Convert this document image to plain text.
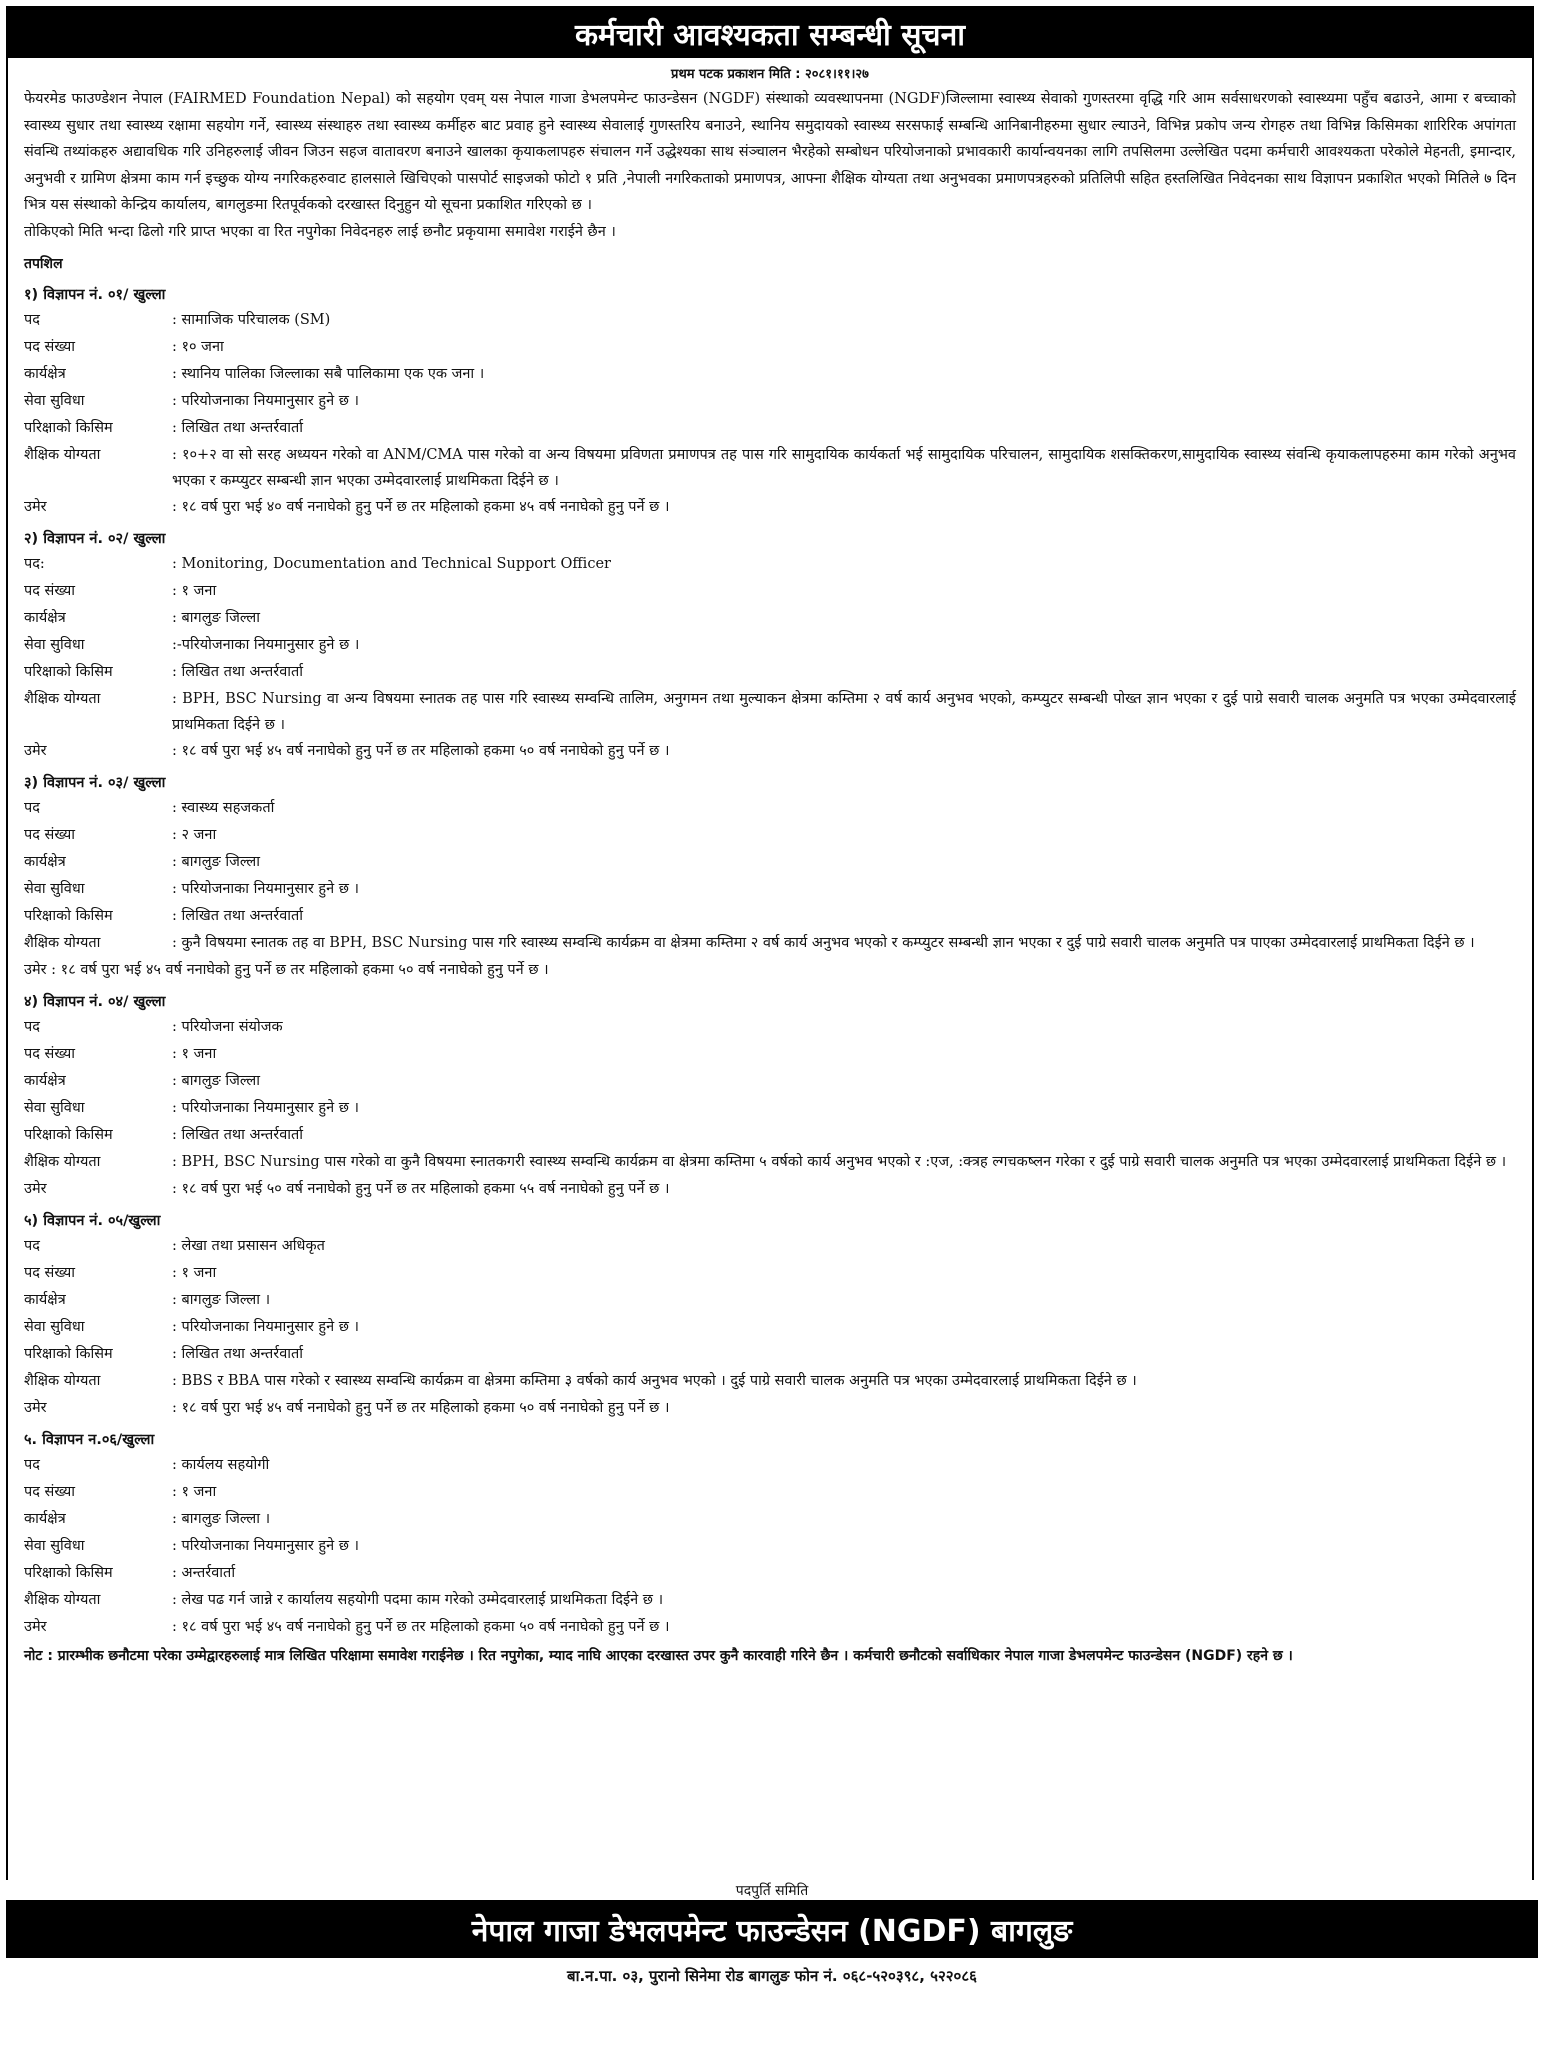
कर्मचारी आवश्यकता सम्बन्धी सूचना
प्रथम पटक प्रकाशन मिति : २०८१।११।२७

फेयरमेड फाउण्डेशन नेपाल (FAIRMED Foundation Nepal) को सहयोग एवम् यस नेपाल गाजा डेभलपमेन्ट फाउन्डेसन (NGDF) संस्थाको व्यवस्थापनमा (NGDF)जिल्लामा स्वास्थ्य सेवाको गुणस्तरमा वृद्धि गरि आम सर्वसाधरणको स्वास्थ्यमा पहुँच बढाउने, आमा र बच्चाको स्वास्थ्य सुधार तथा स्वास्थ्य रक्षामा सहयोग गर्ने, स्वास्थ्य संस्थाहरु तथा स्वास्थ्य कर्मीहरु बाट प्रवाह हुने स्वास्थ्य सेवालाई गुणस्तरिय बनाउने, स्थानिय समुदायको स्वास्थ्य सरसफाई सम्बन्धि आनिबानीहरुमा सुधार ल्याउने, विभिन्न प्रकोप जन्य रोगहरु तथा विभिन्न किसिमका शारिरिक अपांगता संवन्धि तथ्यांकहरु अद्यावधिक गरि उनिहरुलाई जीवन जिउन सहज वातावरण बनाउने खालका कृयाकलापहरु संचालन गर्ने उद्धेश्यका साथ संञ्चालन भैरहेको सम्बोधन परियोजनाको प्रभावकारी कार्यान्वयनका लागि तपसिलमा उल्लेखित पदमा कर्मचारी आवश्यकता परेकोले मेहनती, इमान्दार, अनुभवी र ग्रामिण क्षेत्रमा काम गर्न इच्छुक योग्य नगरिकहरुवाट हालसाले खिचिएको पासपोर्ट साइजको फोटो १ प्रति ,नेपाली नगरिकताको प्रमाणपत्र, आफ्ना शैक्षिक योग्यता तथा अनुभवका प्रमाणपत्रहरुको प्रतिलिपी सहित हस्तलिखित निवेदनका साथ विज्ञापन प्रकाशित भएको मितिले ७ दिन भित्र यस संस्थाको केन्द्रिय कार्यालय, बागलुङमा रितपूर्वकको दरखास्त दिनुहुन यो सूचना प्रकाशित गरिएको छ ।

तोकिएको मिति भन्दा ढिलो गरि प्राप्त भएका वा रित नपुगेका निवेदनहरु लाई छनौट प्रकृयामा समावेश गराईने छैन ।

तपशिल
१) विज्ञापन नं. ०१/ खुल्ला
पद	: सामाजिक परिचालक (SM)
पद संख्या	: १० जना
कार्यक्षेत्र	: स्थानिय पालिका जिल्लाका सबै पालिकामा एक एक जना ।
सेवा सुविधा	: परियोजनाका नियमानुसार हुने छ ।
परिक्षाको किसिम	: लिखित तथा अन्तर्रवार्ता
शैक्षिक योग्यता	: १०+२ वा सो सरह अध्ययन गरेको वा ANM/CMA पास गरेको वा अन्य विषयमा प्रविणता प्रमाणपत्र तह पास गरि सामुदायिक कार्यकर्ता भई सामुदायिक परिचालन, सामुदायिक शसक्तिकरण,सामुदायिक स्वास्थ्य संवन्धि कृयाकलापहरुमा काम गरेको अनुभव भएका र कम्प्युटर सम्बन्धी ज्ञान भएका उम्मेदवारलाई प्राथमिकता दिईने छ ।
उमेर	: १८ वर्ष पुरा भई ४० वर्ष ननाघेको हुनु पर्ने छ तर महिलाको हकमा ४५ वर्ष ननाघेको हुनु पर्ने छ ।
२) विज्ञापन नं. ०२/ खुल्ला
पद:	: Monitoring, Documentation and Technical Support Officer
पद संख्या	: १ जना
कार्यक्षेत्र	: बागलुङ जिल्ला
सेवा सुविधा	:-परियोजनाका नियमानुसार हुने छ ।
परिक्षाको किसिम	: लिखित तथा अन्तर्रवार्ता
शैक्षिक योग्यता	: BPH, BSC Nursing वा अन्य विषयमा स्नातक तह पास गरि स्वास्थ्य सम्वन्धि तालिम, अनुगमन तथा मुल्याकन क्षेत्रमा कम्तिमा २ वर्ष कार्य अनुभव भएको, कम्प्युटर सम्बन्धी पोख्त ज्ञान भएका र दुई पाग्रे सवारी चालक अनुमति पत्र भएका उम्मेदवारलाई प्राथमिकता दिईने छ ।
उमेर	: १८ वर्ष पुरा भई ४५ वर्ष ननाघेको हुनु पर्ने छ तर महिलाको हकमा ५० वर्ष ननाघेको हुनु पर्ने छ ।
३) विज्ञापन नं. ०३/ खुल्ला
पद	: स्वास्थ्य सहजकर्ता
पद संख्या	: २ जना
कार्यक्षेत्र	: बागलुङ जिल्ला
सेवा सुविधा	: परियोजनाका नियमानुसार हुने छ ।
परिक्षाको किसिम	: लिखित तथा अन्तर्रवार्ता
शैक्षिक योग्यता	: कुनै विषयमा स्नातक तह वा BPH, BSC Nursing पास गरि स्वास्थ्य सम्वन्धि कार्यक्रम वा क्षेत्रमा कम्तिमा २ वर्ष कार्य अनुभव भएको र कम्प्युटर सम्बन्धी ज्ञान भएका र दुई पाग्रे सवारी चालक अनुमति पत्र पाएका उम्मेदवारलाई प्राथमिकता दिईने छ ।
उमेर : १८ वर्ष पुरा भई ४५ वर्ष ननाघेको हुनु पर्ने छ तर महिलाको हकमा ५० वर्ष ननाघेको हुनु पर्ने छ ।
४) विज्ञापन नं. ०४/ खुल्ला
पद	: परियोजना संयोजक
पद संख्या	: १ जना
कार्यक्षेत्र	: बागलुङ जिल्ला
सेवा सुविधा	: परियोजनाका नियमानुसार हुने छ ।
परिक्षाको किसिम	: लिखित तथा अन्तर्रवार्ता
शैक्षिक योग्यता	: BPH, BSC Nursing पास गरेको वा कुनै विषयमा स्नातकगरी स्वास्थ्य सम्वन्धि कार्यक्रम वा क्षेत्रमा कम्तिमा ५ वर्षको कार्य अनुभव भएको र :एज, :क्त्रह ल्गचकष्लन गरेका र दुई पाग्रे सवारी चालक अनुमति पत्र भएका उम्मेदवारलाई प्राथमिकता दिईने छ ।
उमेर	: १८ वर्ष पुरा भई ५० वर्ष ननाघेको हुनु पर्ने छ तर महिलाको हकमा ५५ वर्ष ननाघेको हुनु पर्ने छ ।
५) विज्ञापन नं. ०५/खुल्ला
पद	: लेखा तथा प्रसासन अधिकृत
पद संख्या	: १ जना
कार्यक्षेत्र	: बागलुङ जिल्ला ।
सेवा सुविधा	: परियोजनाका नियमानुसार हुने छ ।
परिक्षाको किसिम	: लिखित तथा अन्तर्रवार्ता
शैक्षिक योग्यता	: BBS र BBA पास गरेको र स्वास्थ्य सम्वन्धि कार्यक्रम वा क्षेत्रमा कम्तिमा ३ वर्षको कार्य अनुभव भएको । दुई पाग्रे सवारी चालक अनुमति पत्र भएका उम्मेदवारलाई प्राथमिकता दिईने छ ।
उमेर	: १८ वर्ष पुरा भई ४५ वर्ष ननाघेको हुनु पर्ने छ तर महिलाको हकमा ५० वर्ष ननाघेको हुनु पर्ने छ ।
५. विज्ञापन न.०६/खुल्ला
पद	: कार्यलय सहयोगी
पद संख्या	: १ जना
कार्यक्षेत्र	: बागलुङ जिल्ला ।
सेवा सुविधा	: परियोजनाका नियमानुसार हुने छ ।
परिक्षाको किसिम	: अन्तर्रवार्ता
शैक्षिक योग्यता	: लेख पढ गर्न जान्ने र कार्यालय सहयोगी पदमा काम गरेको उम्मेदवारलाई प्राथमिकता दिईने छ ।
उमेर	: १८ वर्ष पुरा भई ४५ वर्ष ननाघेको हुनु पर्ने छ तर महिलाको हकमा ५० वर्ष ननाघेको हुनु पर्ने छ ।
नोट : प्रारम्भीक छनौटमा परेका उम्मेद्वारहरुलाई मात्र लिखित परिक्षामा समावेश गराईनेछ । रित नपुगेका, म्याद नाघि आएका दरखास्त उपर कुनै कारवाही गरिने छैन । कर्मचारी छनौटको सर्वाधिकार नेपाल गाजा डेभलपमेन्ट फाउन्डेसन (NGDF) रहने छ ।
पदपुर्ति समिति
नेपाल गाजा डेभलपमेन्ट फाउन्डेसन (NGDF) बागलुङ
बा.न.पा. ०३, पुरानो सिनेमा रोड बागलुङ फोन नं. ०६८-५२०३९८, ५२२०८६
